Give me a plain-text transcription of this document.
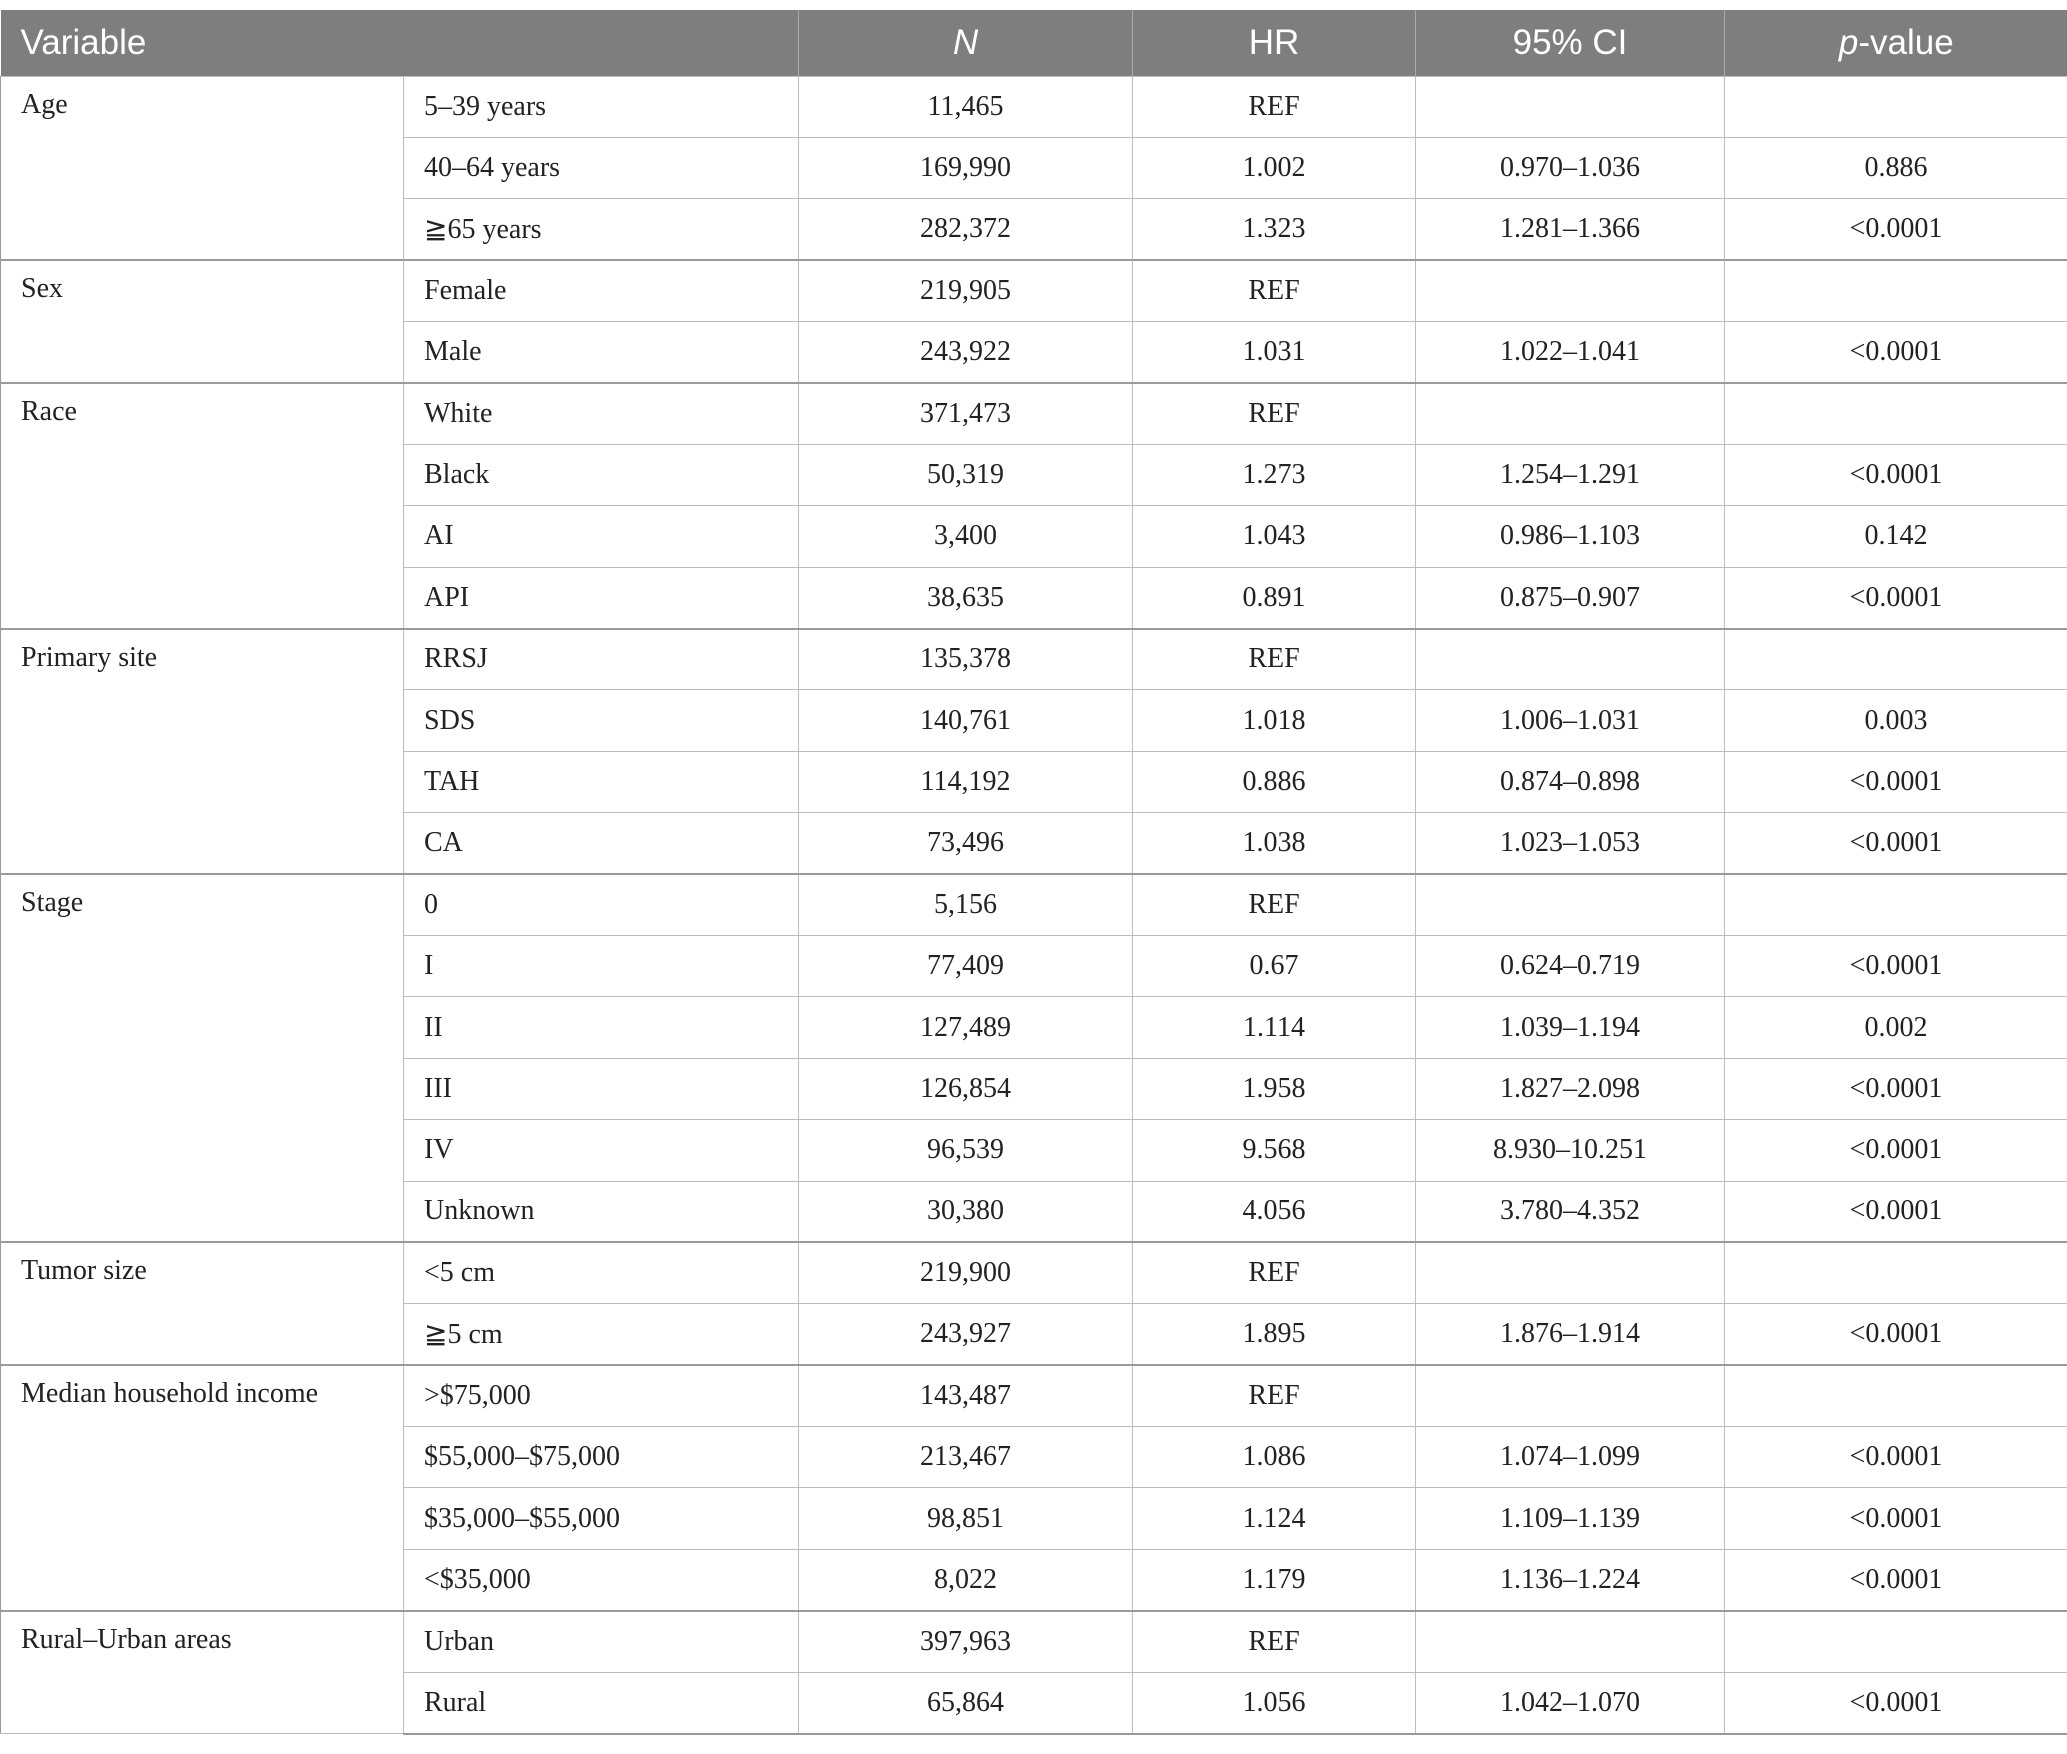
Variable		N	HR	95% CI	p-value
Age	5–39 years	11,465	REF		
	40–64 years	169,990	1.002	0.970–1.036	0.886
	≧65 years	282,372	1.323	1.281–1.366	<0.0001
Sex	Female	219,905	REF		
	Male	243,922	1.031	1.022–1.041	<0.0001
Race	White	371,473	REF		
	Black	50,319	1.273	1.254–1.291	<0.0001
	AI	3,400	1.043	0.986–1.103	0.142
	API	38,635	0.891	0.875–0.907	<0.0001
Primary site	RRSJ	135,378	REF		
	SDS	140,761	1.018	1.006–1.031	0.003
	TAH	114,192	0.886	0.874–0.898	<0.0001
	CA	73,496	1.038	1.023–1.053	<0.0001
Stage	0	5,156	REF		
	I	77,409	0.67	0.624–0.719	<0.0001
	II	127,489	1.114	1.039–1.194	0.002
	III	126,854	1.958	1.827–2.098	<0.0001
	IV	96,539	9.568	8.930–10.251	<0.0001
	Unknown	30,380	4.056	3.780–4.352	<0.0001
Tumor size	<5 cm	219,900	REF		
	≧5 cm	243,927	1.895	1.876–1.914	<0.0001
Median household income	>$75,000	143,487	REF		
	$55,000–$75,000	213,467	1.086	1.074–1.099	<0.0001
	$35,000–$55,000	98,851	1.124	1.109–1.139	<0.0001
	<$35,000	8,022	1.179	1.136–1.224	<0.0001
Rural–Urban areas	Urban	397,963	REF		
	Rural	65,864	1.056	1.042–1.070	<0.0001
